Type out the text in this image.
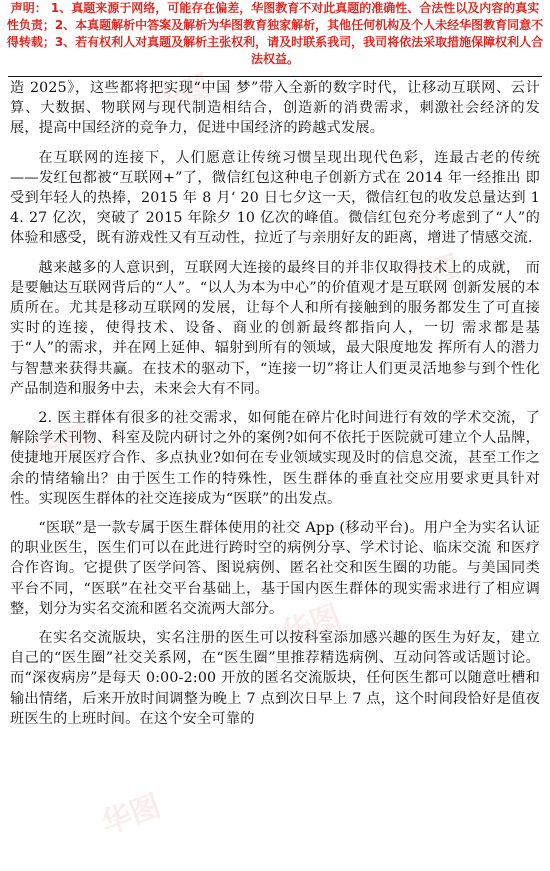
声明： 1、真题来源于网络，可能存在偏差，华图教育不对此真题的准确性、合法性以及内容的真实性负责；2、本真题解析中答案及解析为华图教育独家解析，其他任何机构及个人未经华图教育同意不得转载；3、若有权利人对真题及解析主张权利，请及时联系我司，我司将依法采取措施保障权利人合法权益。
华图
华图
华图
华图
华图

造 2025》，这些都将把实现“中国 梦”带入全新的数字时代，让移动互联网、云计算、大数据、物联网与现代制造相结合，创造新的消费需求，刺激社会经济的发展，提高中国经济的竞争力，促进中国经济的跨越式发展。

在互联网的连接下，人们愿意让传统习惯呈现出现代色彩，连最古老的传统——发红包都被“互联网+”了，微信红包这种电子创新方式在 2014 年一经推出 即受到年轻人的热捧，2015 年 8 月‘ 20 日七夕这一天，微信红包的收发总量达到 14. 27 亿次，突破了 2015 年除夕 10 亿次的峰值。微信红包充分考虑到了“人”的体验和感受，既有游戏性又有互动性，拉近了与亲朋好友的距离，增进了情感交流.

越来越多的人意识到，互联网大连接的最终目的并非仅取得技术上的成就， 而是要触达互联网背后的“人”。“以人为本为中心”的价值观才是互联网 创新发展的本质所在。尤其是移动互联网的发展，让每个人和所有接触到的服务都发生了可直接实时的连接，使得技术、设备、商业的创新最终都指向人，一切 需求都是基于“人”的需求，并在网上延伸、辐射到所有的领域，最大限度地发 挥所有人的潜力与智慧来获得共赢。在技术的驱动下，“连接一切”将让人们更灵活地参与到个性化产品制造和服务中去，未来会大有不同。

2. 医主群体有很多的社交需求，如何能在碎片化时间进行有效的学术交流，了解除学术刊物、科室及院内研讨之外的案例?如何不依托于医院就可建立个人品牌，使捷地开展医疗合作、多点执业?如何在专业领域实现及时的信息交流，甚至工作之余的情绪输出？由于医生工作的特殊性，医生群体的垂直社交应用要求更具针对性。实现医生群体的社交连接成为“医联”的出发点。

“医联”是一款专属于医生群体使用的社交 App (移动平台)。用户全为实名认证的职业医生，医生们可以在此进行跨时空的病例分享、学术讨论、临床交流 和医疗合作咨询。它提供了医学问答、图说病例、匿名社交和医生圈的功能。与美国同类平台不同，“医联”在社交平台基础上，基于国内医生群体的现实需求进行了相应调整，划分为实名交流和匿名交流两大部分。

在实名交流版块，实名注册的医生可以按科室添加感兴趣的医生为好友，建立自己的“医生圈”社交关系网，在“医生圈”里推荐精选病例、互动问答或话题讨论。而“深夜病房”是每天 0:00-2:00 开放的匿名交流版块，任何医生都可以随意吐槽和输出情绪，后来开放时间调整为晚上 7 点到次日早上 7 点，这个时间段恰好是值夜班医生的上班时间。在这个安全可靠的
